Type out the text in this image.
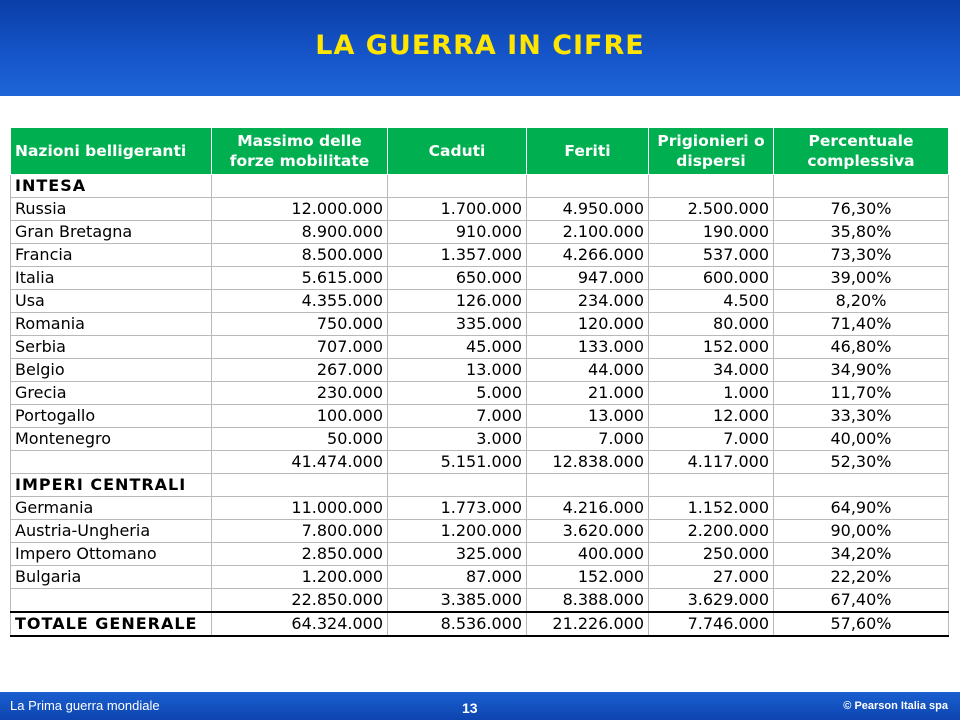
LA GUERRA IN CIFRE
Nazioni belligeranti	Massimo delle forze mobilitate	Caduti	Feriti	Prigionieri o dispersi	Percentuale complessiva
INTESA					
Russia	12.000.000	1.700.000	4.950.000	2.500.000	76,30%
Gran Bretagna	8.900.000	910.000	2.100.000	190.000	35,80%
Francia	8.500.000	1.357.000	4.266.000	537.000	73,30%
Italia	5.615.000	650.000	947.000	600.000	39,00%
Usa	4.355.000	126.000	234.000	4.500	8,20%
Romania	750.000	335.000	120.000	80.000	71,40%
Serbia	707.000	45.000	133.000	152.000	46,80%
Belgio	267.000	13.000	44.000	34.000	34,90%
Grecia	230.000	5.000	21.000	1.000	11,70%
Portogallo	100.000	7.000	13.000	12.000	33,30%
Montenegro	50.000	3.000	7.000	7.000	40,00%
	41.474.000	5.151.000	12.838.000	4.117.000	52,30%
IMPERI CENTRALI					
Germania	11.000.000	1.773.000	4.216.000	1.152.000	64,90%
Austria-Ungheria	7.800.000	1.200.000	3.620.000	2.200.000	90,00%
Impero Ottomano	2.850.000	325.000	400.000	250.000	34,20%
Bulgaria	1.200.000	87.000	152.000	27.000	22,20%
	22.850.000	3.385.000	8.388.000	3.629.000	67,40%
TOTALE GENERALE	64.324.000	8.536.000	21.226.000	7.746.000	57,60%
La Prima guerra mondiale	13	© Pearson Italia spa
